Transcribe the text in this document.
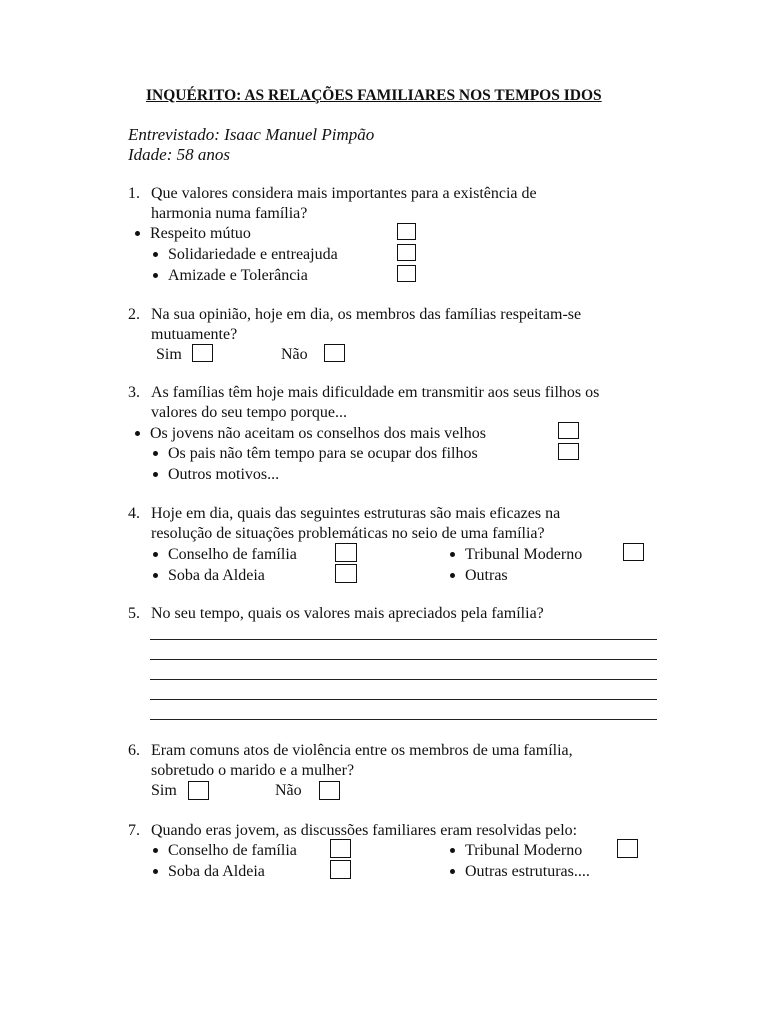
INQUÉRITO: AS RELAÇÕES FAMILIARES NOS TEMPOS IDOS
Entrevistado: Isaac Manuel Pimpão
Idade: 58 anos
1. Que valores considera mais importantes para a existência de
harmonia numa família?
Respeito mútuo
Solidariedade e entreajuda
Amizade e Tolerância
2. Na sua opinião, hoje em dia, os membros das famílias respeitam-se
mutuamente?
Sim	Não
3. As famílias têm hoje mais dificuldade em transmitir aos seus filhos os
valores do seu tempo porque...
Os jovens não aceitam os conselhos dos mais velhos
Os pais não têm tempo para se ocupar dos filhos
Outros motivos...
4. Hoje em dia, quais das seguintes estruturas são mais eficazes na
resolução de situações problemáticas no seio de uma família?
Conselho de família
Soba da Aldeia
Tribunal Moderno
Outras
5. No seu tempo, quais os valores mais apreciados pela família?
6. Eram comuns atos de violência entre os membros de uma família,
sobretudo o marido e a mulher?
Sim	Não
7. Quando eras jovem, as discussões familiares eram resolvidas pelo:
Conselho de família
Soba da Aldeia
Tribunal Moderno
Outras estruturas....
